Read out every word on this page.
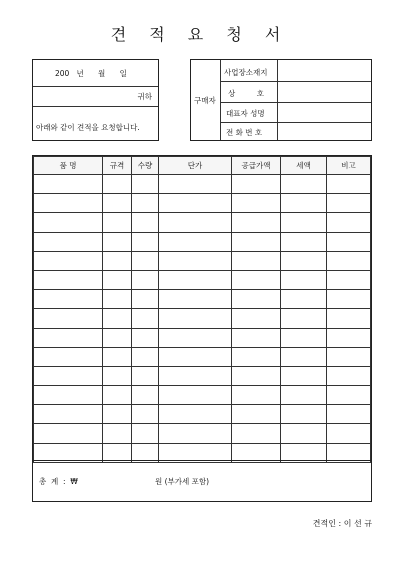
견 적 요 청 서
200   년      월      일
귀하
아래와 같이 견적을 요청합니다.
구매자
사업장소재지
상         호
대표자 성명
전 화 번 호
품 명	규격	수량	단가	공급가액	세액	비고

총  계  :  ₩	원 (부가세 포함)
견적인 : 이 선 규
